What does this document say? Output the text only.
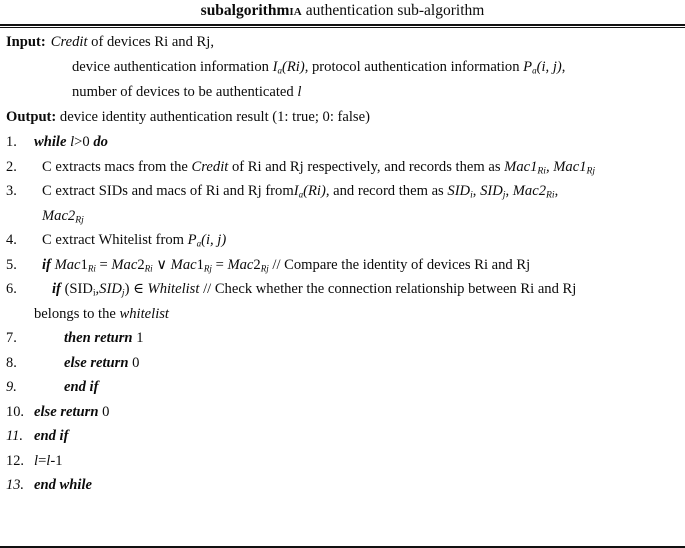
subalgorithmIA authentication sub-algorithm
Input: Credit of devices Ri and Rj,
device authentication information Ia(Ri), protocol authentication information Pa(i, j),
number of devices to be authenticated l
Output: device identity authentication result (1: true; 0: false)
1.	while l>0 do
2.	C extracts macs from the Credit of Ri and Rj respectively, and records them as $Mac1_{Ri}$, $Mac1_{Rj}$
3.	C extract SIDs and macs of Ri and Rj fromIa(Ri), and record them as $SID_i$, $SID_j$, $Mac2_{Ri}$,
$Mac2_{Rj}$
4.	C extract Whitelist from Pa(i, j)
5.	if Mac1Ri = Mac2Ri ∨ Mac1Rj = Mac2Rj // Compare the identity of devices Ri and Rj
6.	if $(SID_i,SID_j)$ ∈ Whitelist // Check whether the connection relationship between Ri and Rj
belongs to the whitelist
7.	then return 1
8.	else return 0
9.	end if
10. else return 0
11. end if
12. l=l-1
13. end while
